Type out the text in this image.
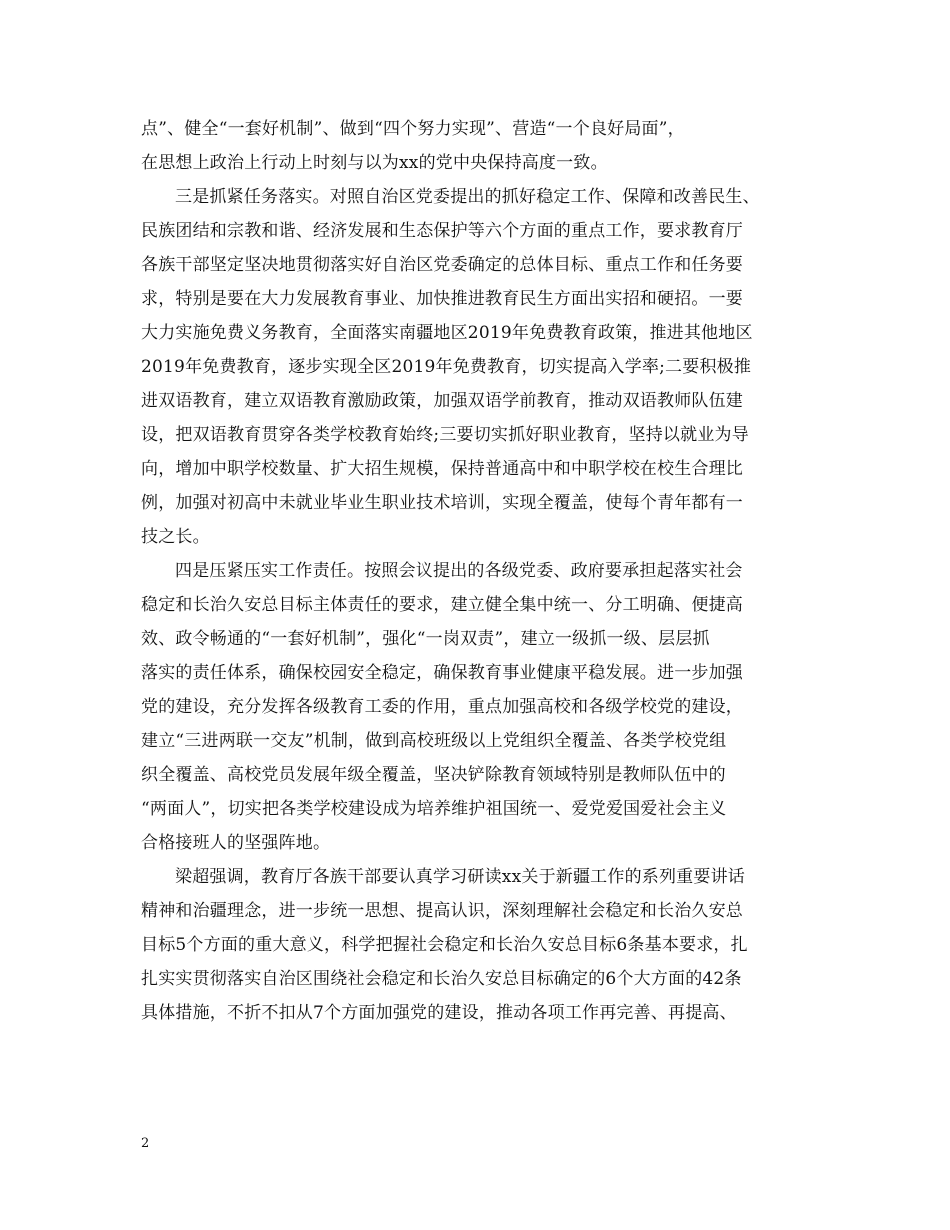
点”、健全“一套好机制”、做到“四个努力实现”、营造“一个良好局面”，
在思想上政治上行动上时刻与以为xx的党中央保持高度一致。
三是抓紧任务落实。对照自治区党委提出的抓好稳定工作、保障和改善民生、
民族团结和宗教和谐、经济发展和生态保护等六个方面的重点工作，要求教育厅
各族干部坚定坚决地贯彻落实好自治区党委确定的总体目标、重点工作和任务要
求，特别是要在大力发展教育事业、加快推进教育民生方面出实招和硬招。一要
大力实施免费义务教育，全面落实南疆地区2019年免费教育政策，推进其他地区
2019年免费教育，逐步实现全区2019年免费教育，切实提高入学率;二要积极推
进双语教育，建立双语教育激励政策，加强双语学前教育，推动双语教师队伍建
设，把双语教育贯穿各类学校教育始终;三要切实抓好职业教育，坚持以就业为导
向，增加中职学校数量、扩大招生规模，保持普通高中和中职学校在校生合理比
例，加强对初高中未就业毕业生职业技术培训，实现全覆盖，使每个青年都有一
技之长。
四是压紧压实工作责任。按照会议提出的各级党委、政府要承担起落实社会
稳定和长治久安总目标主体责任的要求，建立健全集中统一、分工明确、便捷高
效、政令畅通的“一套好机制”，强化“一岗双责”，建立一级抓一级、层层抓
落实的责任体系，确保校园安全稳定，确保教育事业健康平稳发展。进一步加强
党的建设，充分发挥各级教育工委的作用，重点加强高校和各级学校党的建设，
建立“三进两联一交友”机制，做到高校班级以上党组织全覆盖、各类学校党组
织全覆盖、高校党员发展年级全覆盖，坚决铲除教育领域特别是教师队伍中的
“两面人”，切实把各类学校建设成为培养维护祖国统一、爱党爱国爱社会主义
合格接班人的坚强阵地。
梁超强调，教育厅各族干部要认真学习研读xx关于新疆工作的系列重要讲话
精神和治疆理念，进一步统一思想、提高认识，深刻理解社会稳定和长治久安总
目标5个方面的重大意义，科学把握社会稳定和长治久安总目标6条基本要求，扎
扎实实贯彻落实自治区围绕社会稳定和长治久安总目标确定的6个大方面的42条
具体措施，不折不扣从7个方面加强党的建设，推动各项工作再完善、再提高、
2
